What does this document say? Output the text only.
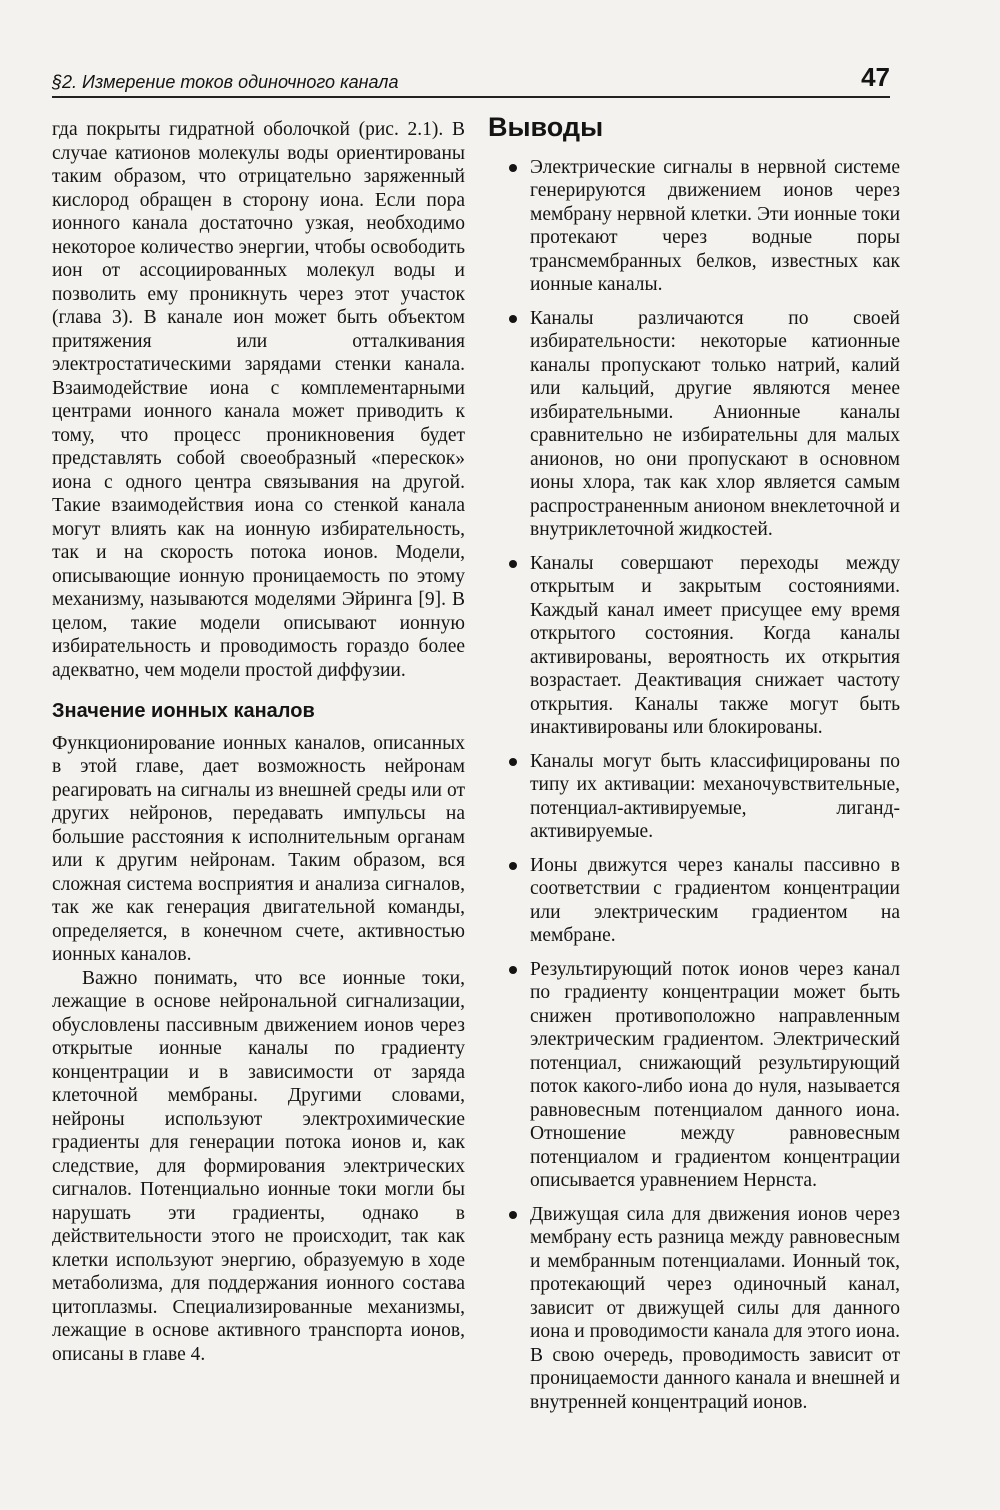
§2. Измерение токов одиночного канала	47

гда покрыты гидратной оболочкой (рис. 2.1). В случае катионов молекулы воды ориентированы таким образом, что отрицательно заряженный кислород обращен в сторону иона. Если пора ионного канала достаточно узкая, необходимо некоторое количество энергии, чтобы освободить ион от ассоциированных молекул воды и позволить ему проникнуть через этот участок (глава 3). В канале ион может быть объектом притяжения или отталкивания электростатическими зарядами стенки канала. Взаимодействие иона с комплементарными центрами ионного канала может приводить к тому, что процесс проникновения будет представлять собой своеобразный «перескок» иона с одного центра связывания на другой. Такие взаимодействия иона со стенкой канала могут влиять как на ионную избирательность, так и на скорость потока ионов. Модели, описывающие ионную проницаемость по этому механизму, называются моделями Эйринга [9]. В целом, такие модели описывают ионную избирательность и проводимость гораздо более адекватно, чем модели простой диффузии.

Значение ионных каналов

Функционирование ионных каналов, описанных в этой главе, дает возможность нейронам реагировать на сигналы из внешней среды или от других нейронов, передавать импульсы на большие расстояния к исполнительным органам или к другим нейронам. Таким образом, вся сложная система восприятия и анализа сигналов, так же как генерация двигательной команды, определяется, в конечном счете, активностью ионных каналов.

Важно понимать, что все ионные токи, лежащие в основе нейрональной сигнализации, обусловлены пассивным движением ионов через открытые ионные каналы по градиенту концентрации и в зависимости от заряда клеточной мембраны. Другими словами, нейроны используют электрохимические градиенты для генерации потока ионов и, как следствие, для формирования электрических сигналов. Потенциально ионные токи могли бы нарушать эти градиенты, однако в действительности этого не происходит, так как клетки используют энергию, образуемую в ходе метаболизма, для поддержания ионного состава цитоплазмы. Специализированные механизмы, лежащие в основе активного транспорта ионов, описаны в главе 4.

Выводы
Электрические сигналы в нервной системе генерируются движением ионов через мембрану нервной клетки. Эти ионные токи протекают через водные поры трансмембранных белков, известных как ионные каналы.
Каналы различаются по своей избирательности: некоторые катионные каналы пропускают только натрий, калий или кальций, другие являются менее избирательными. Анионные каналы сравнительно не избирательны для малых анионов, но они пропускают в основном ионы хлора, так как хлор является самым распространенным анионом внеклеточной и внутриклеточной жидкостей.
Каналы совершают переходы между открытым и закрытым состояниями. Каждый канал имеет присущее ему время открытого состояния. Когда каналы активированы, вероятность их открытия возрастает. Деактивация снижает частоту открытия. Каналы также могут быть инактивированы или блокированы.
Каналы могут быть классифицированы по типу их активации: механочувствительные, потенциал-активируемые, лиганд-активируемые.
Ионы движутся через каналы пассивно в соответствии с градиентом концентрации или электрическим градиентом на мембране.
Результирующий поток ионов через канал по градиенту концентрации может быть снижен противоположно направленным электрическим градиентом. Электрический потенциал, снижающий результирующий поток какого-либо иона до нуля, называется равновесным потенциалом данного иона. Отношение между равновесным потенциалом и градиентом концентрации описывается уравнением Нернста.
Движущая сила для движения ионов через мембрану есть разница между равновесным и мембранным потенциалами. Ионный ток, протекающий через одиночный канал, зависит от движущей силы для данного иона и проводимости канала для этого иона. В свою очередь, проводимость зависит от проницаемости данного канала и внешней и внутренней концентраций ионов.
